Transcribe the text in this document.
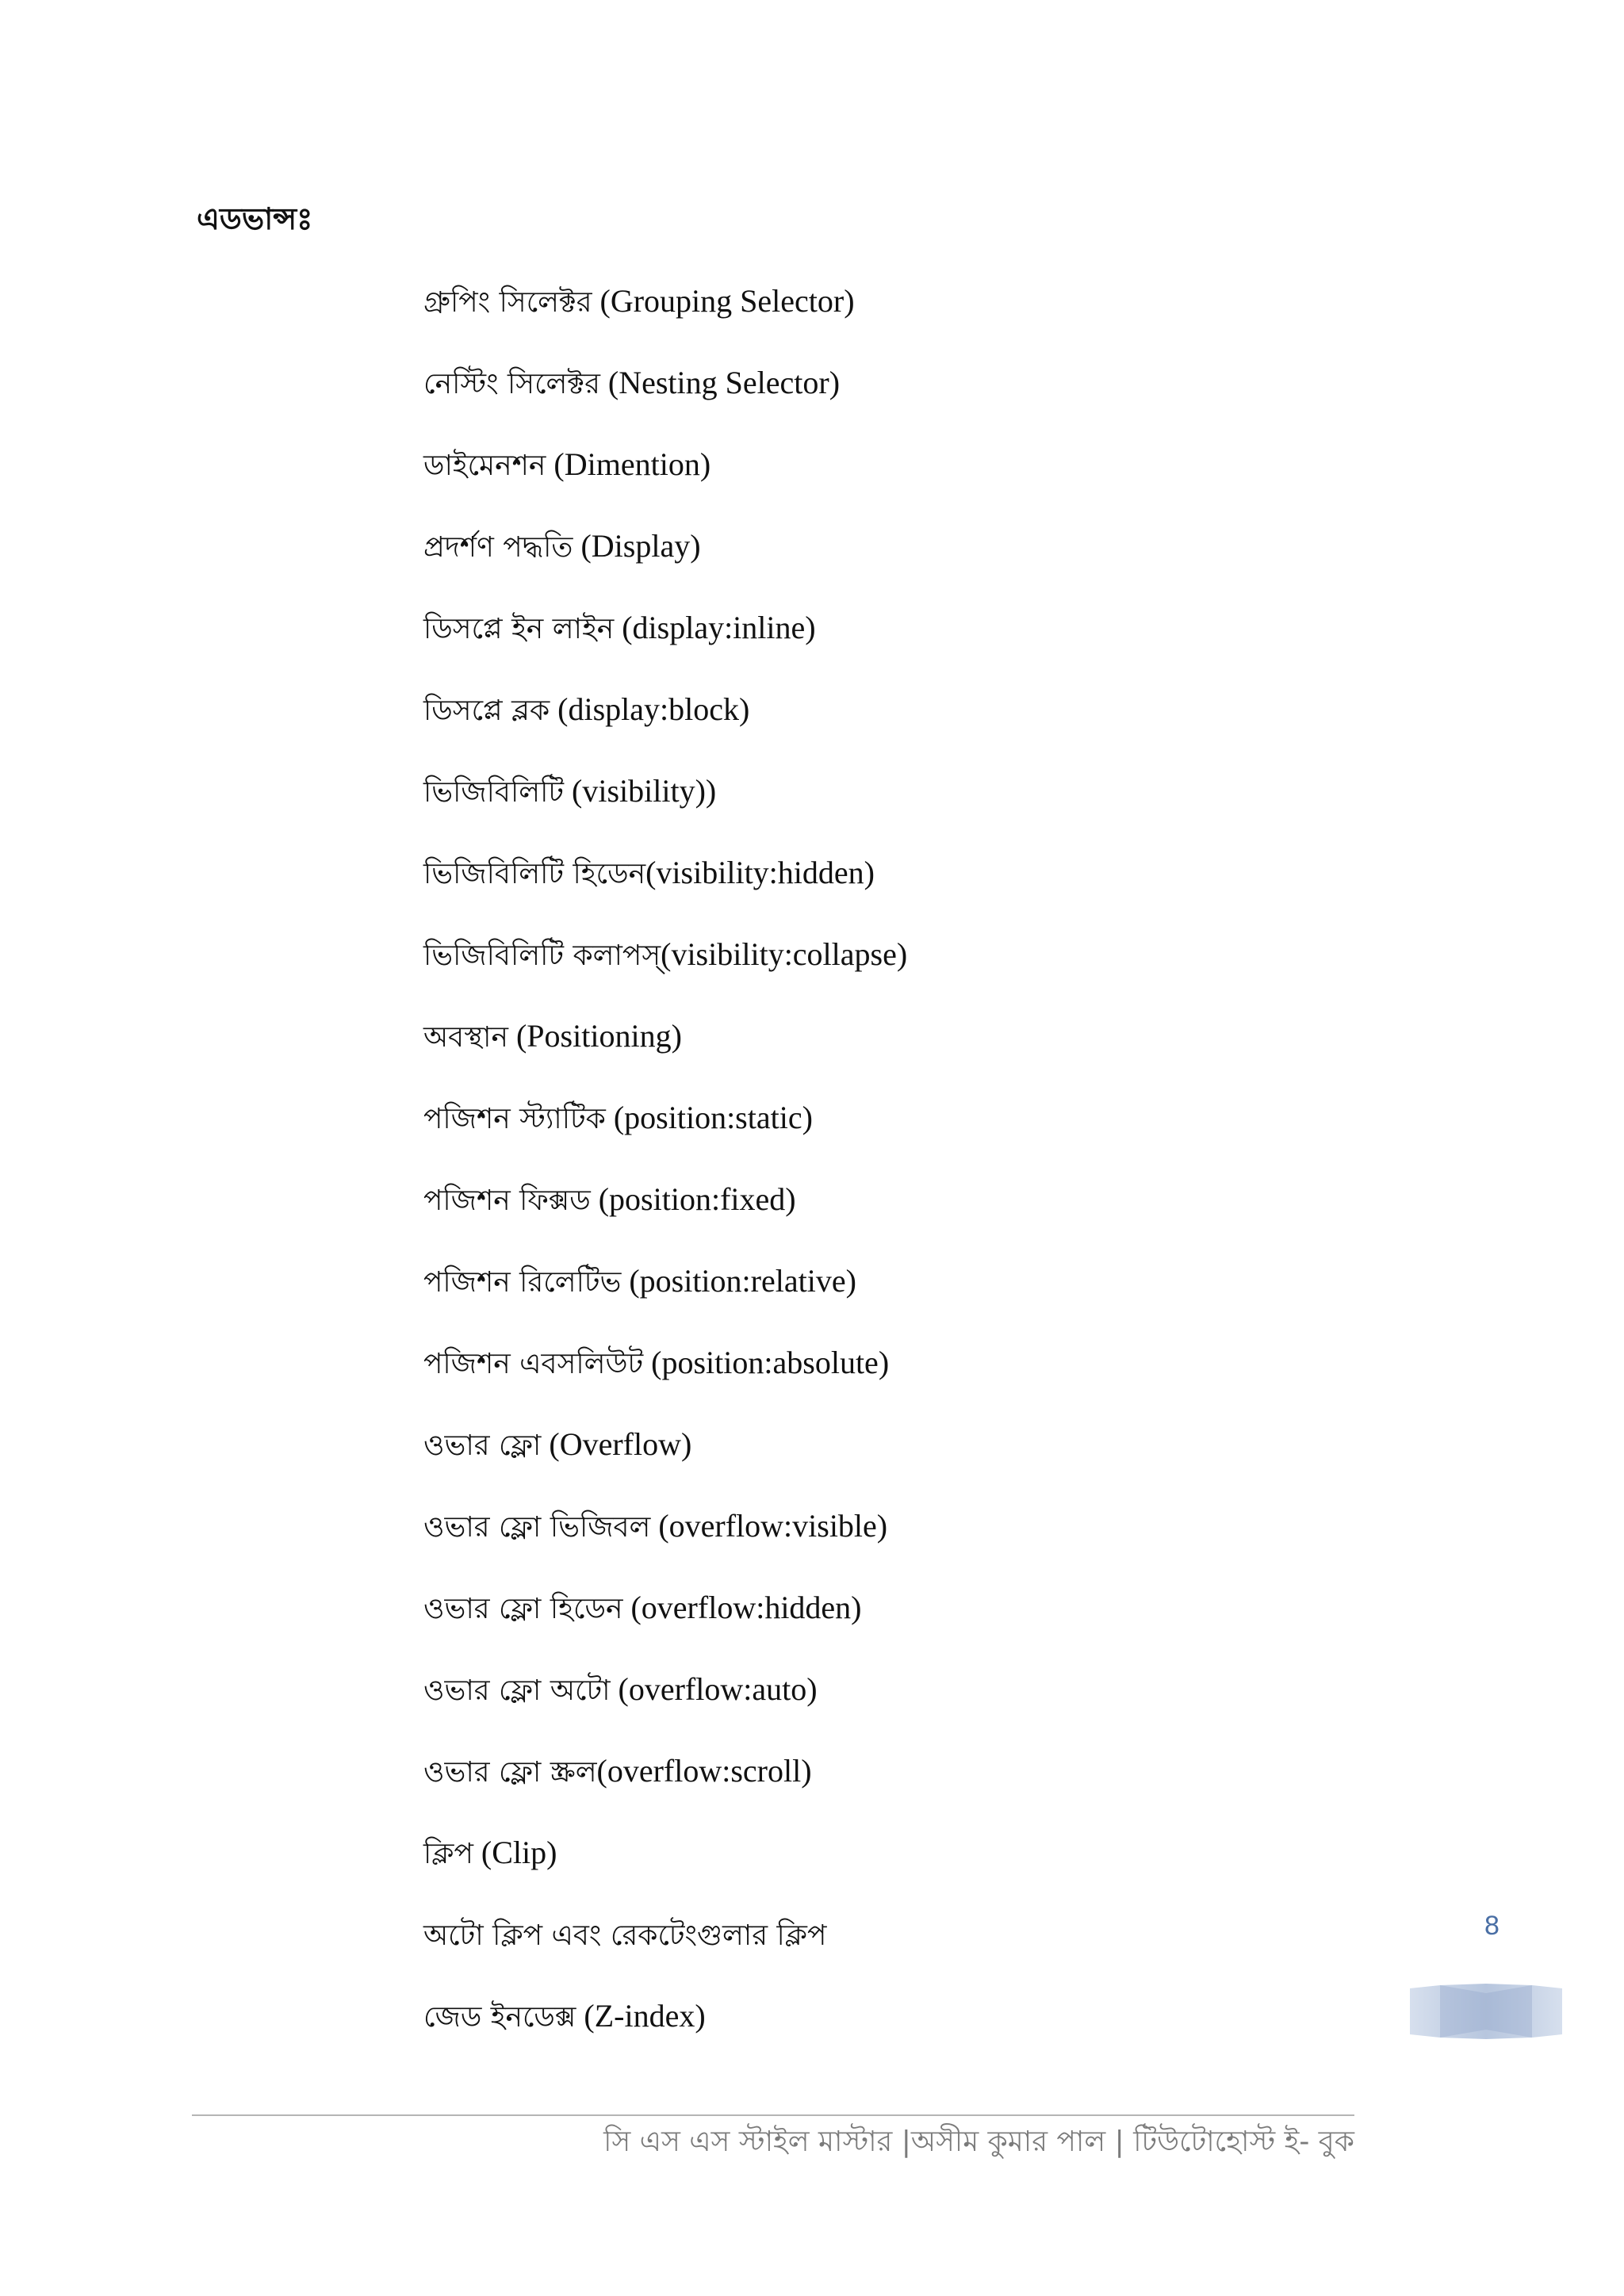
এডভান্সঃ
গ্রুপিং সিলেক্টর (Grouping Selector)
নেস্টিং সিলেক্টর (Nesting Selector)
ডাইমেনশন (Dimention)
প্রদর্শণ পদ্ধতি (Display)
ডিসপ্লে ইন লাইন (display:inline)
ডিসপ্লে ব্লক (display:block)
ভিজিবিলিটি (visibility))
ভিজিবিলিটি হিডেন(visibility:hidden)
ভিজিবিলিটি কলাপস্(visibility:collapse)
অবস্থান (Positioning)
পজিশন স্ট্যাটিক (position:static)
পজিশন ফিক্সড (position:fixed)
পজিশন রিলেটিভ (position:relative)
পজিশন এবসলিউট (position:absolute)
ওভার ফ্লো (Overflow)
ওভার ফ্লো ভিজিবল (overflow:visible)
ওভার ফ্লো হিডেন (overflow:hidden)
ওভার ফ্লো অটো (overflow:auto)
ওভার ফ্লো স্ক্রল(overflow:scroll)
ক্লিপ (Clip)
অটো ক্লিপ এবং রেকটেংগুলার ক্লিপ
জেড ইনডেক্স (Z-index)
8

সি এস এস স্টাইল মাস্টার |অসীম কুমার পাল | টিউটোহোস্ট ই- বুক
